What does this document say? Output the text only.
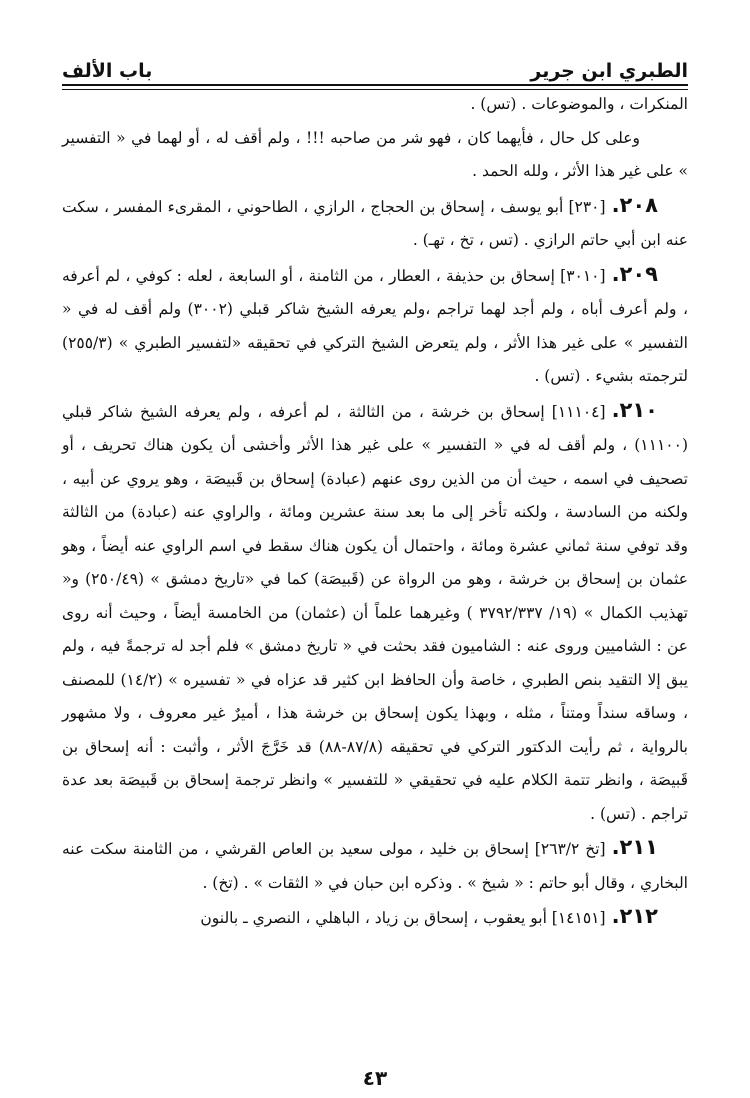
الطبري ابن جرير
باب الألف

المنكرات ، والموضوعات . (تس) .

وعلى كل حال ، فأيهما كان ، فهو شر من صاحبه !!! ، ولم أقف له ، أو لهما في « التفسير » على غير هذا الأثر ، ولله الحمد .

٢٠٨.[٢٣٠] أبو يوسف ، إسحاق بن الحجاج ، الرازي ، الطاحوني ، المقرىء المفسر ، سكت عنه ابن أبي حاتم الرازي . (تس ، تخ ، تهـ) .

٢٠٩.[٣٠١٠] إسحاق بن حذيفة ، العطار ، من الثامنة ، أو السابعة ، لعله : كوفي ، لم أعرفه ، ولم أعرف أباه ، ولم أجد لهما تراجم ،ولم يعرفه الشيخ شاكر قبلي (٣٠٠٢) ولم أقف له في « التفسير » على غير هذا الأثر ، ولم يتعرض الشيخ التركي في تحقيقه «لتفسير الطبري » (٢٥٥/٣) لترجمته بشيء . (تس) .

٢١٠.[١١١٠٤] إسحاق بن خرشة ، من الثالثة ، لم أعرفه ، ولم يعرفه الشيخ شاكر قبلي (١١١٠٠) ، ولم أقف له في « التفسير » على غير هذا الأثر وأخشى أن يكون هناك تحريف ، أو تصحيف في اسمه ، حيث أن من الذين روى عنهم (عبادة) إسحاق بن قَبيصَة ، وهو يروي عن أبيه ، ولكنه من السادسة ، ولكنه تأخر إلى ما بعد سنة عشرين ومائة ، والراوي عنه (عبادة) من الثالثة وقد توفي سنة ثماني عشرة ومائة ، واحتمال أن يكون هناك سقط في اسم الراوي عنه أيضاً ، وهو عثمان بن إسحاق بن خرشة ، وهو من الرواة عن (قَبيصَة) كما في «تاريخ دمشق » (٢٥٠/٤٩) و« تهذيب الكمال » (١٩/ ٣٧٩٢/٣٣٧ ) وغيرهما علماً أن (عثمان) من الخامسة أيضاً ، وحيث أنه روى عن : الشاميين وروى عنه : الشاميون فقد بحثت في « تاريخ دمشق » فلم أجد له ترجمةً فيه ، ولم يبق إلا التقيد بنص الطبري ، خاصة وأن الحافظ ابن كثير قد عزاه في « تفسيره » (١٤/٢) للمصنف ، وساقه سنداً ومتناً ، مثله ، وبهذا يكون إسحاق بن خرشة هذا ، أميرٌ غير معروف ، ولا مشهور بالرواية ، ثم رأيت الدكتور التركي في تحقيقه (٨٧/٨-٨٨) قد خَرَّجَ الأثر ، وأثبت : أنه إسحاق بن قَبيصَة ، وانظر تتمة الكلام عليه في تحقيقي « للتفسير » وانظر ترجمة إسحاق بن قَبيصَة بعد عدة تراجم . (تس) .

٢١١.[تخ ٢٦٣/٢] إسحاق بن خليد ، مولى سعيد بن العاص القرشي ، من الثامنة سكت عنه البخاري ، وقال أبو حاتم : « شيخ » . وذكره ابن حبان في « الثقات » . (تخ) .

٢١٢.[١٤١٥١] أبو يعقوب ، إسحاق بن زياد ، الباهلي ، النصري ـ بالنون

٤٣
